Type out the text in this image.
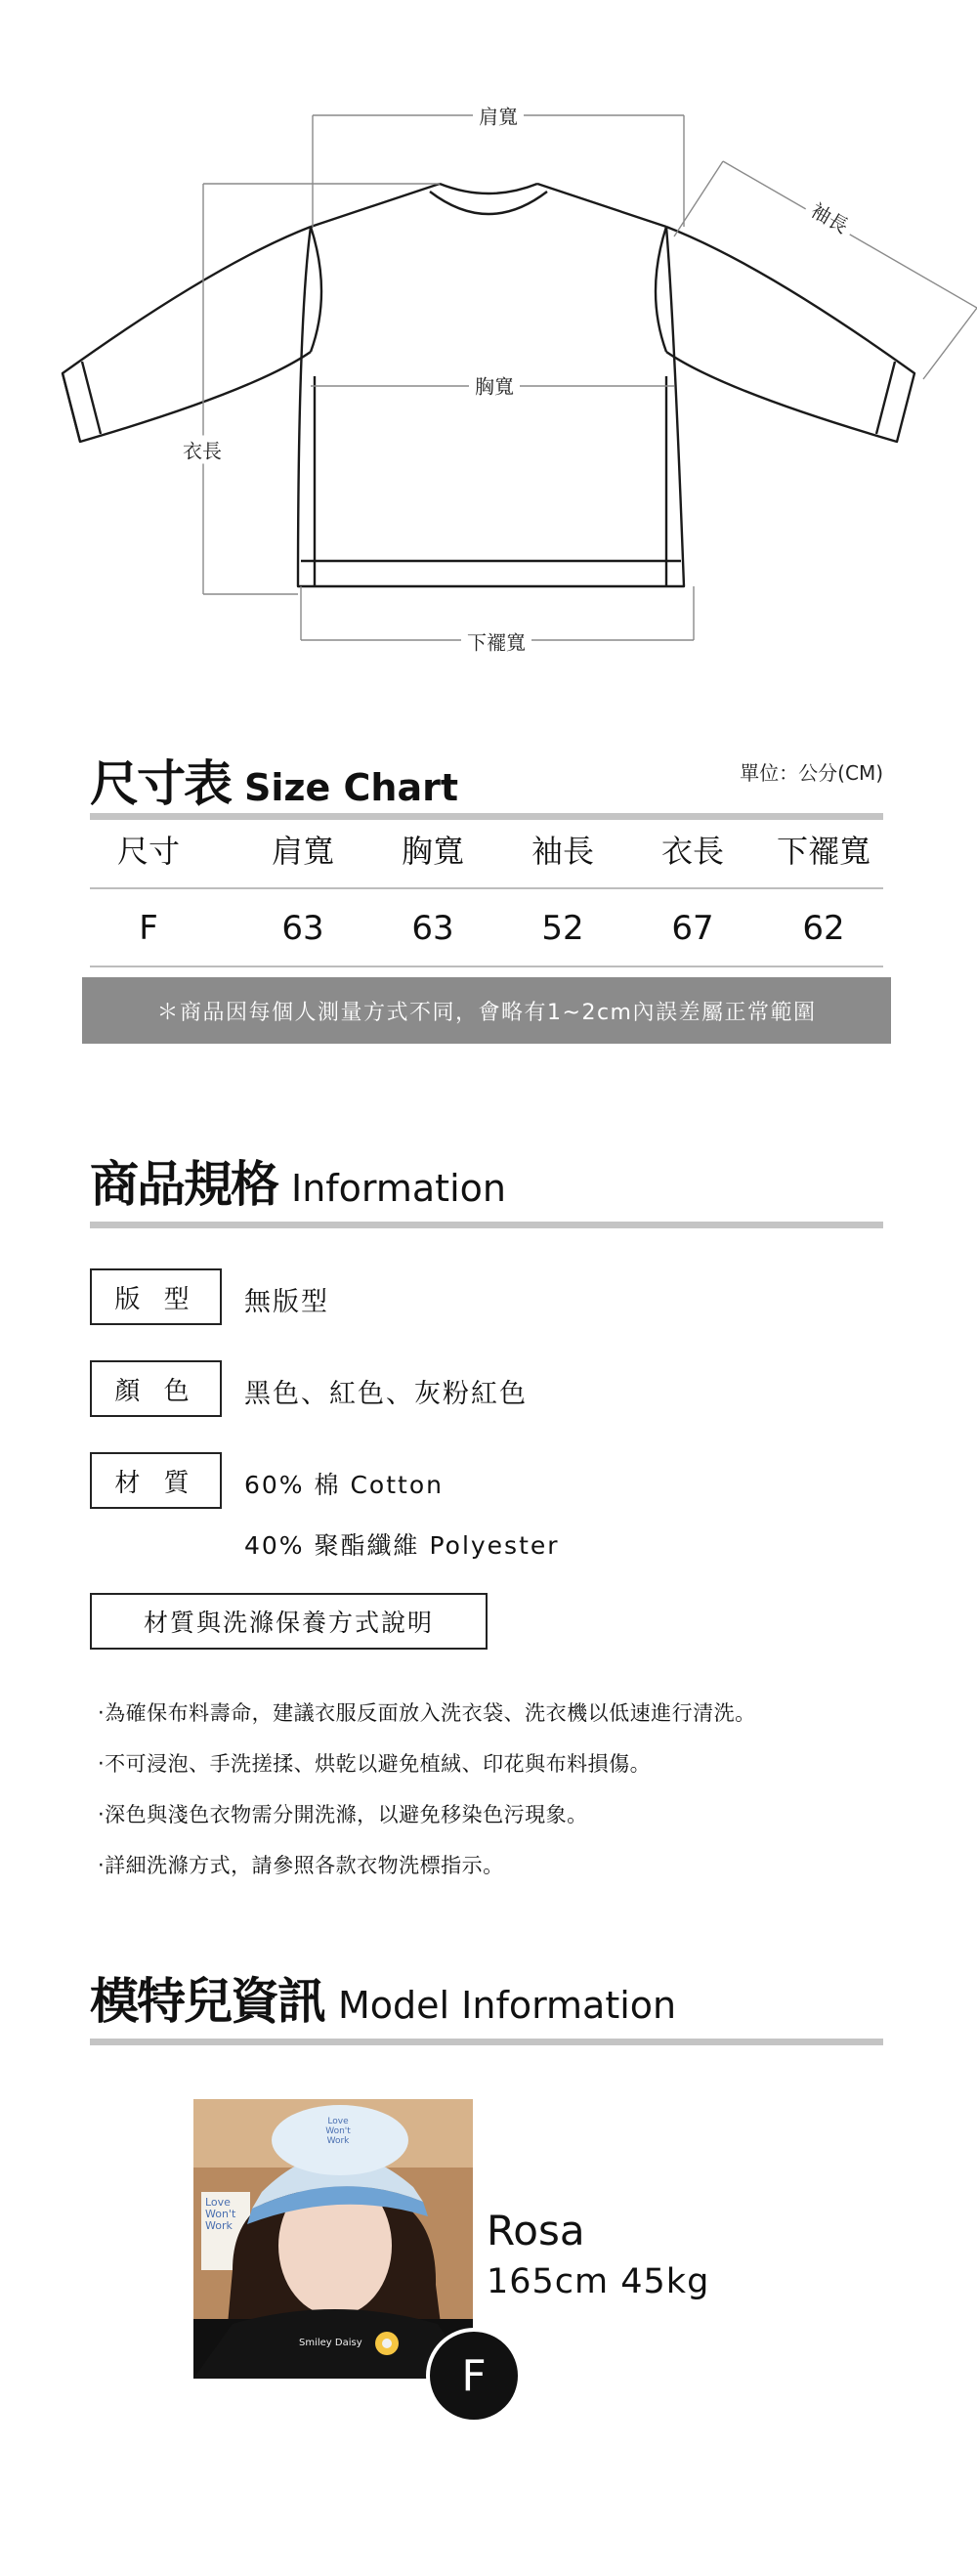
肩寬
胸寬
衣長
下襬寬
袖長
尺寸表 Size Chart	單位：公分(CM)
尺寸	肩寬	胸寬	袖長	衣長	下襬寬
F	63	63	52	67	62
＊商品因每個人測量方式不同，會略有1~2cm內誤差屬正常範圍
商品規格 Information
版 型	無版型
顏 色	黑色、紅色、灰粉紅色
材 質	60% 棉 Cotton
40% 聚酯纖維 Polyester
材質與洗滌保養方式說明
‧為確保布料壽命，建議衣服反面放入洗衣袋、洗衣機以低速進行清洗。
‧不可浸泡、手洗搓揉、烘乾以避免植絨、印花與布料損傷。
‧深色與淺色衣物需分開洗滌，以避免移染色污現象。
‧詳細洗滌方式，請參照各款衣物洗標指示。
模特兒資訊 Model Information
Love Won't Work
Love Won't Work
Smiley Daisy
Rosa
165cm 45kg
F
